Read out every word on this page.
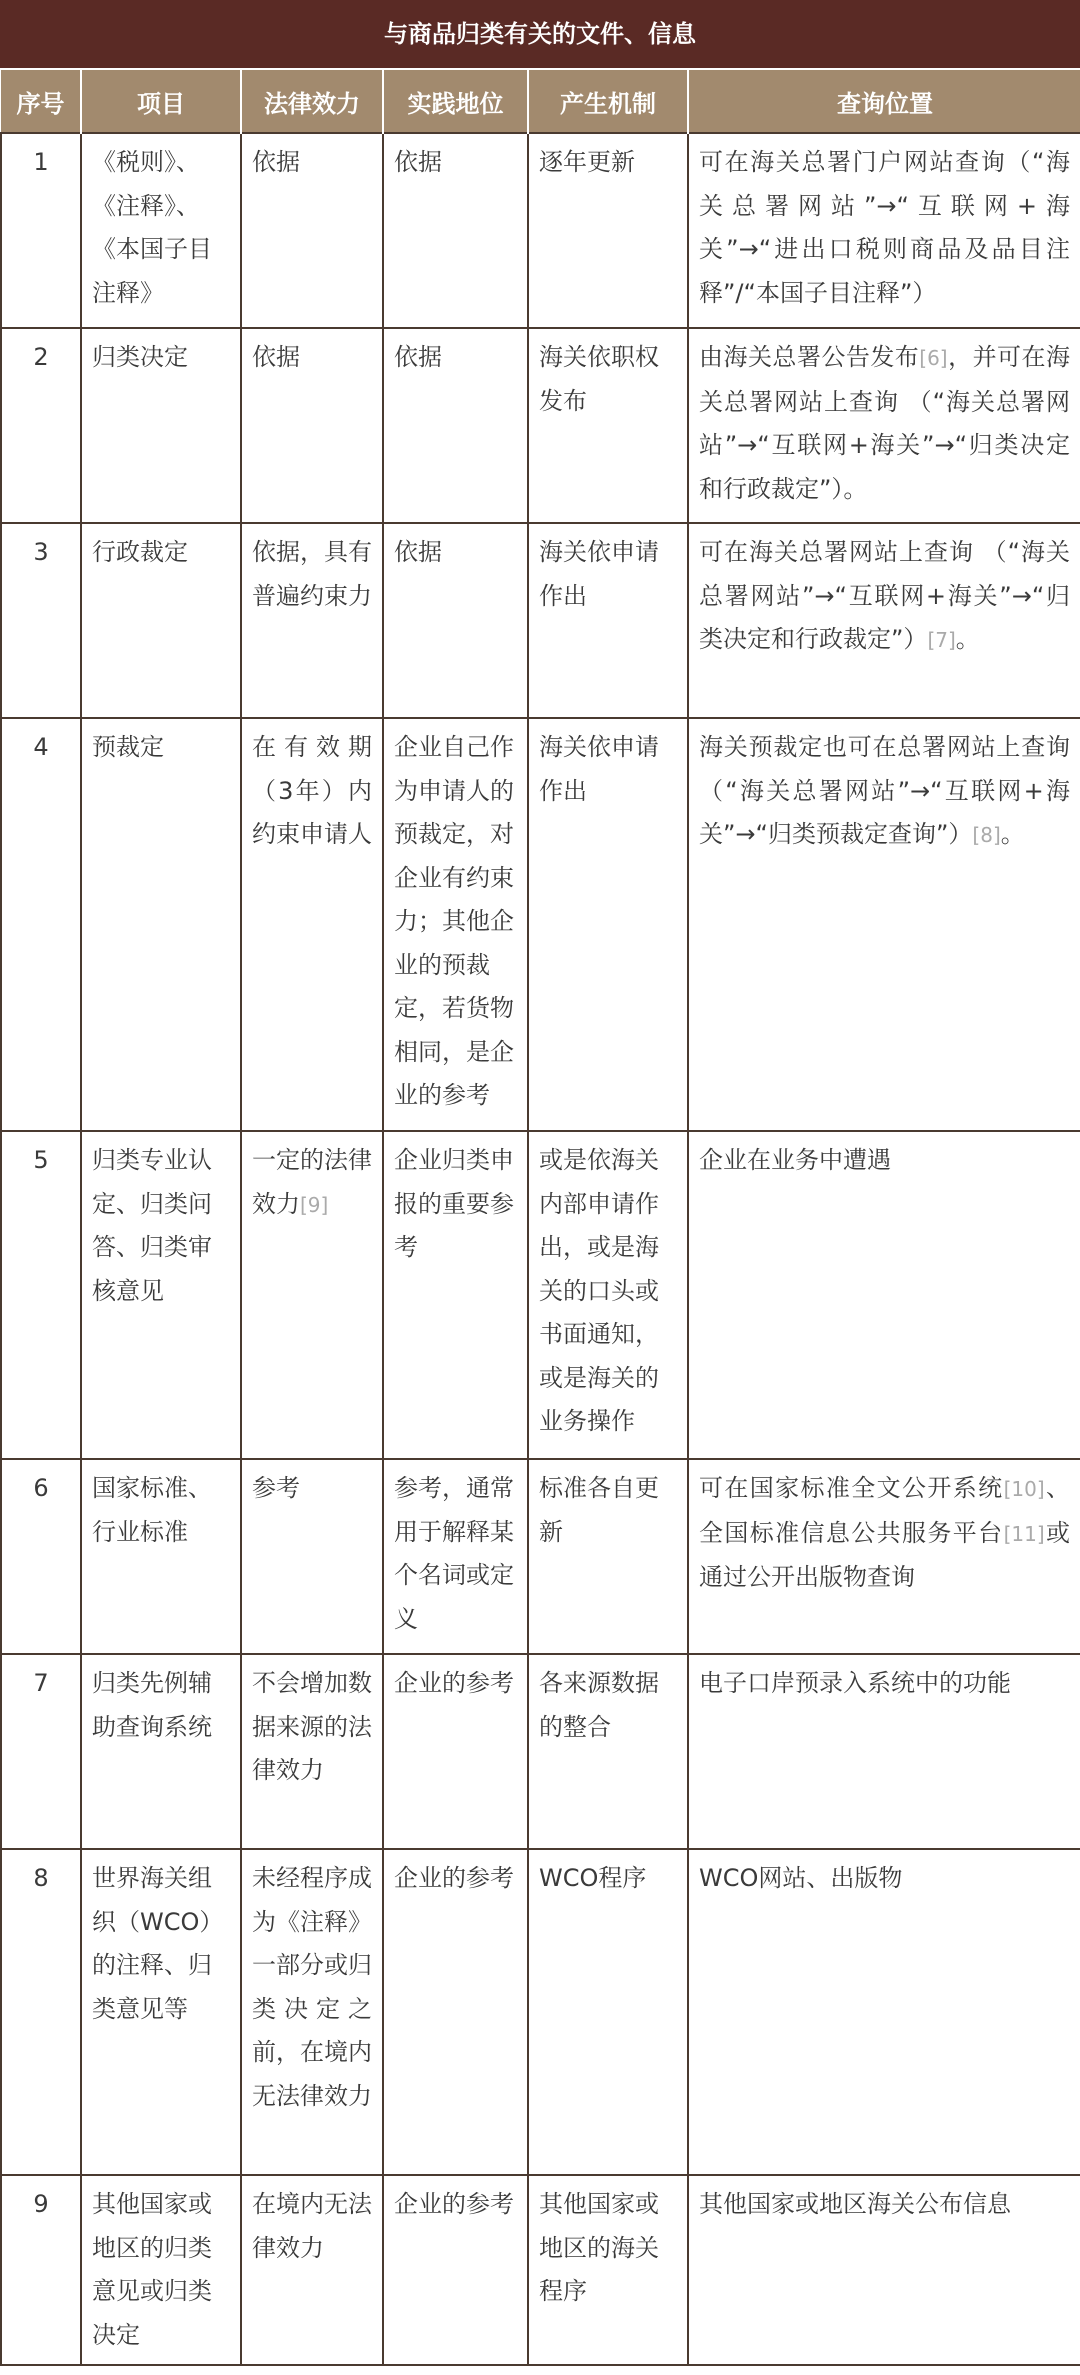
与商品归类有关的文件、信息
序号	项目	法律效力	实践地位	产生机制	查询位置
1	《税则》、《注释》、《本国子目注释》	依据	依据	逐年更新	可在海关总署门户网站查询（“海关总署网站”→“互联网+海关”→“进出口税则商品及品目注释”/“本国子目注释”）
2	归类决定	依据	依据	海关依职权发布	由海关总署公告发布[6]，并可在海关总署网站上查询 （“海关总署网站”→“互联网+海关”→“归类决定和行政裁定”）。
3	行政裁定	依据，具有普遍约束力	依据	海关依申请作出	可在海关总署网站上查询 （“海关总署网站”→“互联网+海关”→“归类决定和行政裁定”）[7]。
4	预裁定	在有效期（3年）内约束申请人	企业自己作为申请人的预裁定，对企业有约束力；其他企业的预裁定，若货物相同，是企业的参考	海关依申请作出	海关预裁定也可在总署网站上查询 （“海关总署网站”→“互联网+海关”→“归类预裁定查询”）[8]。
5	归类专业认定、归类问答、归类审核意见	一定的法律效力[9]	企业归类申报的重要参考	或是依海关内部申请作出，或是海关的口头或书面通知，或是海关的业务操作	企业在业务中遭遇
6	国家标准、行业标准	参考	参考，通常用于解释某个名词或定义	标准各自更新	可在国家标准全文公开系统[10]、全国标准信息公共服务平台[11]或通过公开出版物查询
7	归类先例辅助查询系统	不会增加数据来源的法律效力	企业的参考	各来源数据的整合	电子口岸预录入系统中的功能
8	世界海关组织（WCO）的注释、归类意见等	未经程序成为《注释》一部分或归类决定之前，在境内无法律效力	企业的参考	WCO程序	WCO网站、出版物
9	其他国家或地区的归类意见或归类决定	在境内无法律效力	企业的参考	其他国家或地区的海关程序	其他国家或地区海关公布信息
